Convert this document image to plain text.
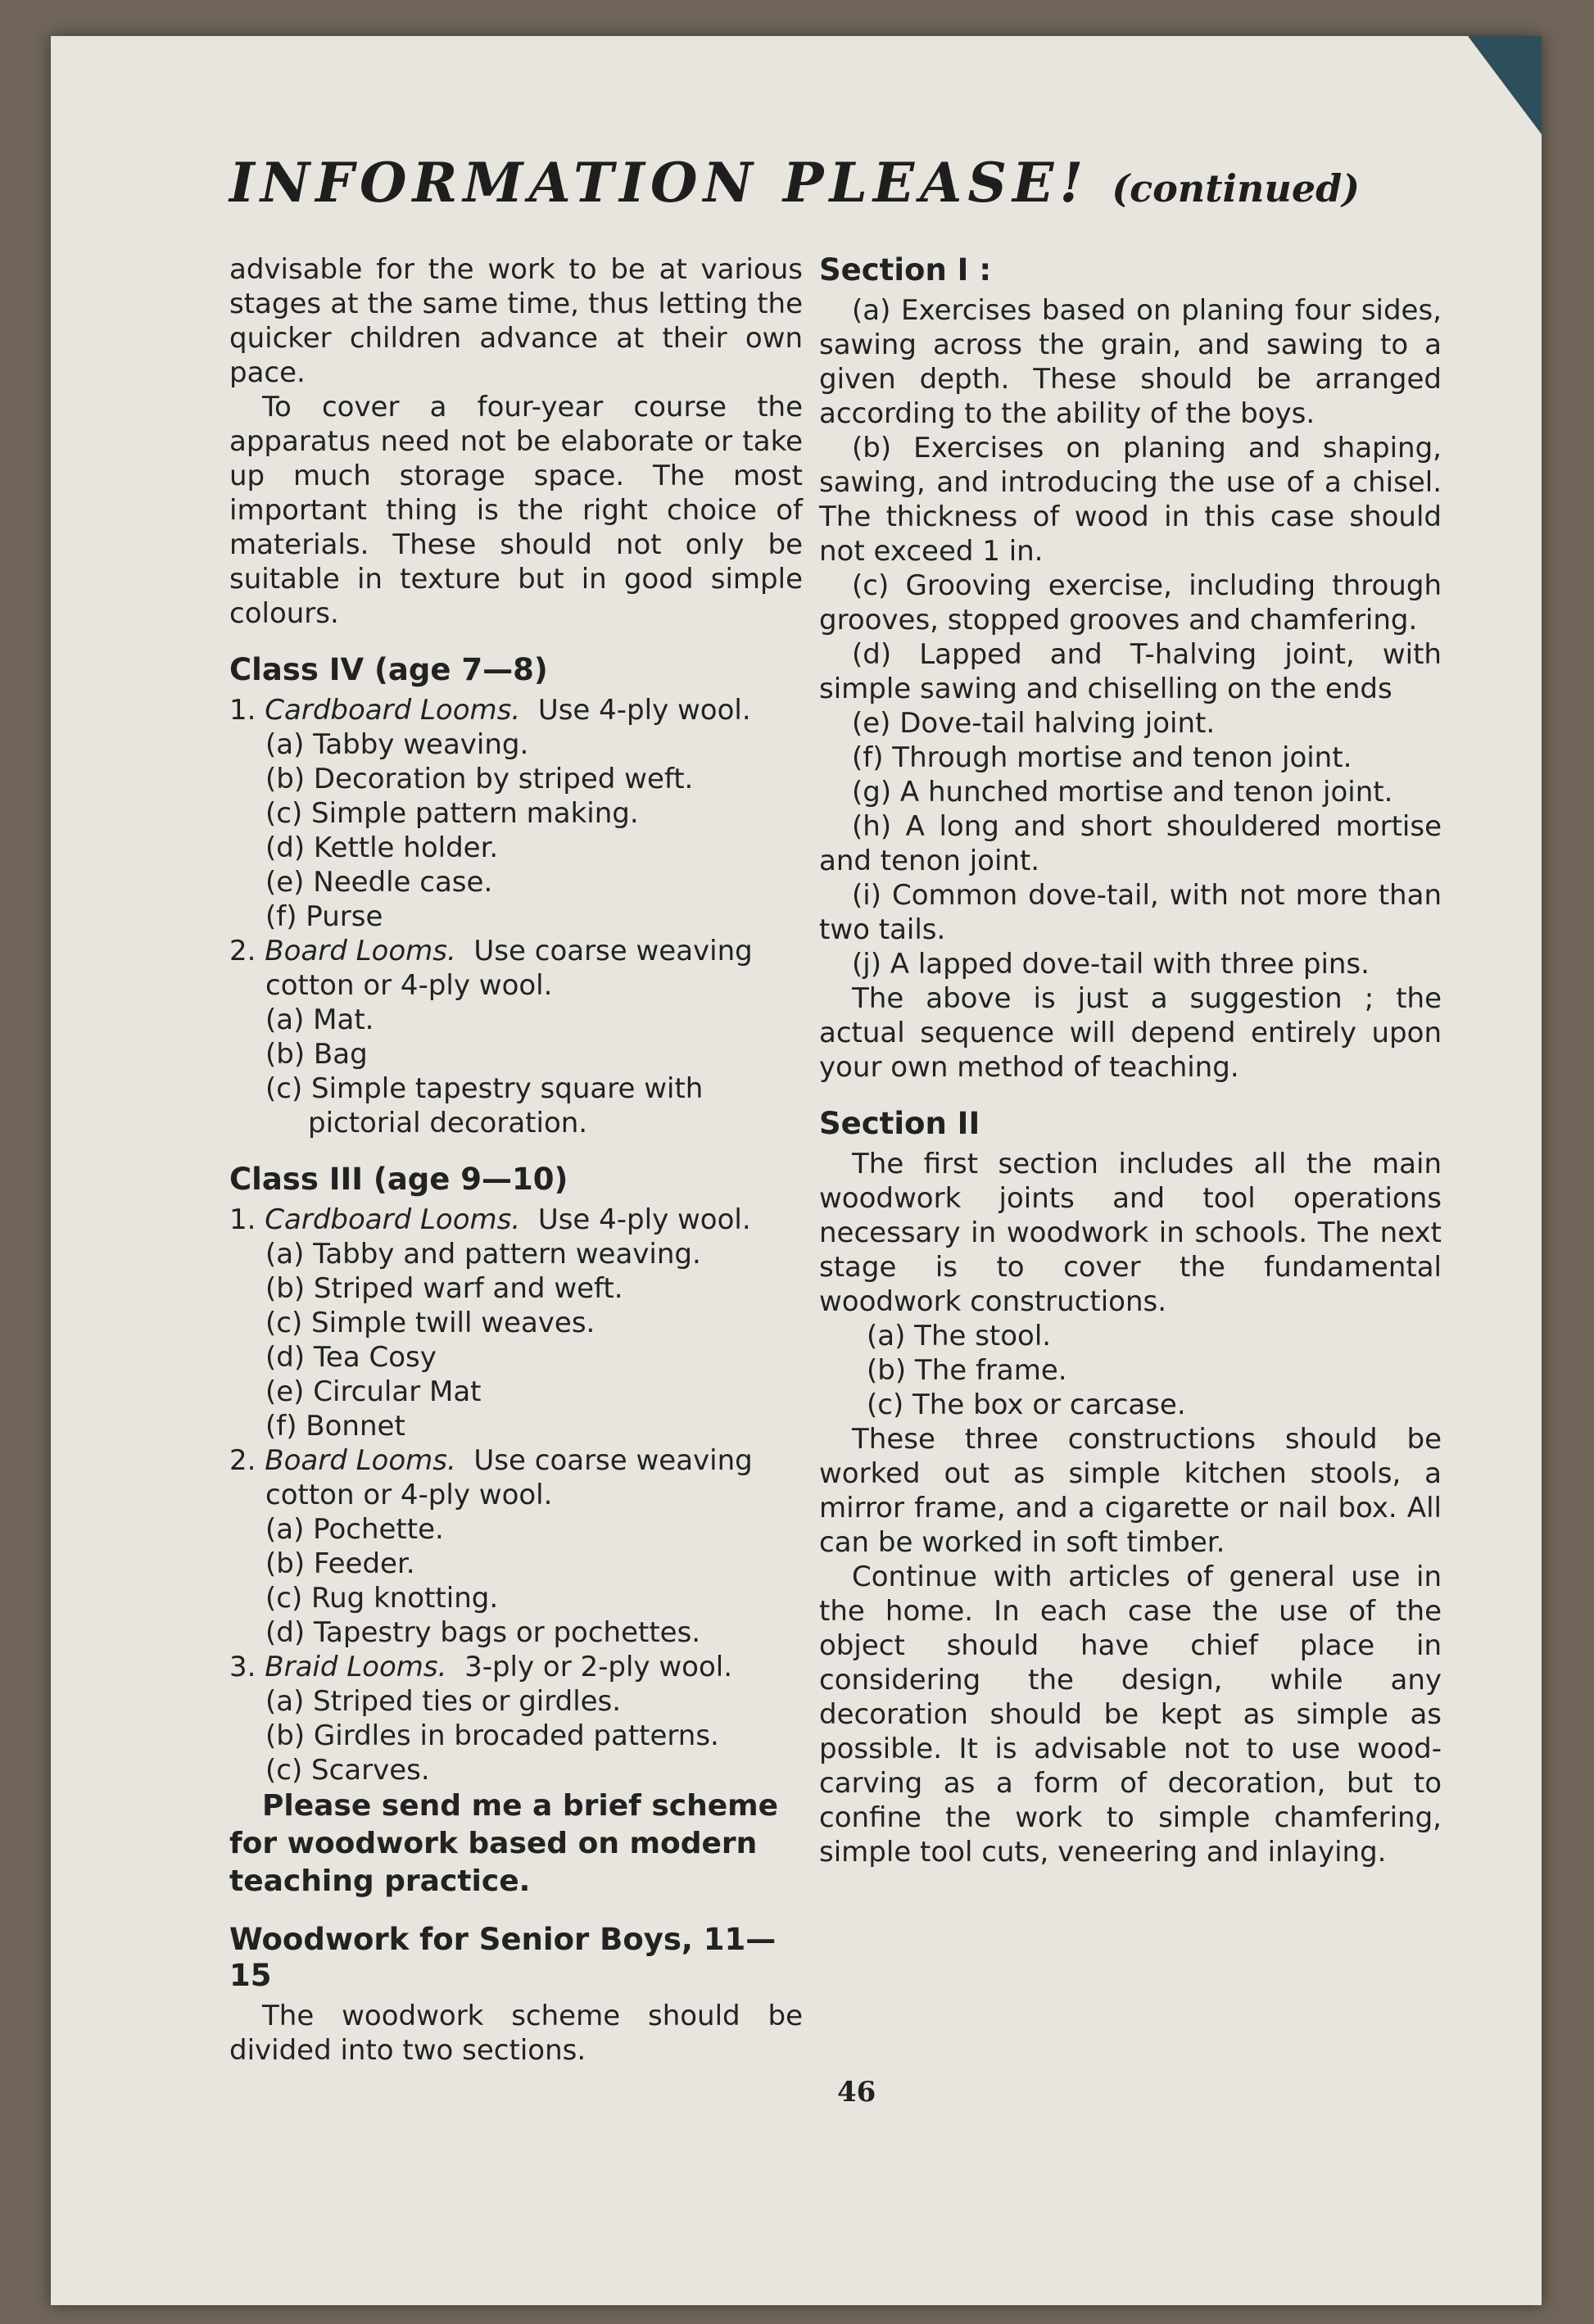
INFORMATION PLEASE! (continued)

advisable for the work to be at various stages at the same time, thus letting the quicker children advance at their own pace.

To cover a four-year course the apparatus need not be elaborate or take up much storage space. The most important thing is the right choice of materials. These should not only be suitable in texture but in good simple colours.

Class IV (age 7—8)

1. Cardboard Looms. Use 4-ply wool.

(a) Tabby weaving.

(b) Decoration by striped weft.

(c) Simple pattern making.

(d) Kettle holder.

(e) Needle case.

(f) Purse

2. Board Looms. Use coarse weaving cotton or 4-ply wool.

(a) Mat.

(b) Bag

(c) Simple tapestry square with pictorial decoration.

Class III (age 9—10)

1. Cardboard Looms. Use 4-ply wool.

(a) Tabby and pattern weaving.

(b) Striped warf and weft.

(c) Simple twill weaves.

(d) Tea Cosy

(e) Circular Mat

(f) Bonnet

2. Board Looms. Use coarse weaving cotton or 4-ply wool.

(a) Pochette.

(b) Feeder.

(c) Rug knotting.

(d) Tapestry bags or pochettes.

3. Braid Looms. 3-ply or 2-ply wool.

(a) Striped ties or girdles.

(b) Girdles in brocaded patterns.

(c) Scarves.

Please send me a brief scheme for woodwork based on modern teaching practice.

Woodwork for Senior Boys, 11—15

The woodwork scheme should be divided into two sections.

Section I :

(a) Exercises based on planing four sides, sawing across the grain, and sawing to a given depth. These should be arranged according to the ability of the boys.

(b) Exercises on planing and shaping, sawing, and introducing the use of a chisel. The thickness of wood in this case should not exceed 1 in.

(c) Grooving exercise, including through grooves, stopped grooves and chamfering.

(d) Lapped and T-halving joint, with simple sawing and chiselling on the ends

(e) Dove-tail halving joint.

(f) Through mortise and tenon joint.

(g) A hunched mortise and tenon joint.

(h) A long and short shouldered mortise and tenon joint.

(i) Common dove-tail, with not more than two tails.

(j) A lapped dove-tail with three pins.

The above is just a suggestion ; the actual sequence will depend entirely upon your own method of teaching.

Section II

The first section includes all the main woodwork joints and tool operations necessary in woodwork in schools. The next stage is to cover the fundamental woodwork constructions.

(a) The stool.

(b) The frame.

(c) The box or carcase.

These three constructions should be worked out as simple kitchen stools, a mirror frame, and a cigarette or nail box. All can be worked in soft timber.

Continue with articles of general use in the home. In each case the use of the object should have chief place in considering the design, while any decoration should be kept as simple as possible. It is advisable not to use wood-carving as a form of decoration, but to confine the work to simple chamfering, simple tool cuts, veneering and inlaying.

46
